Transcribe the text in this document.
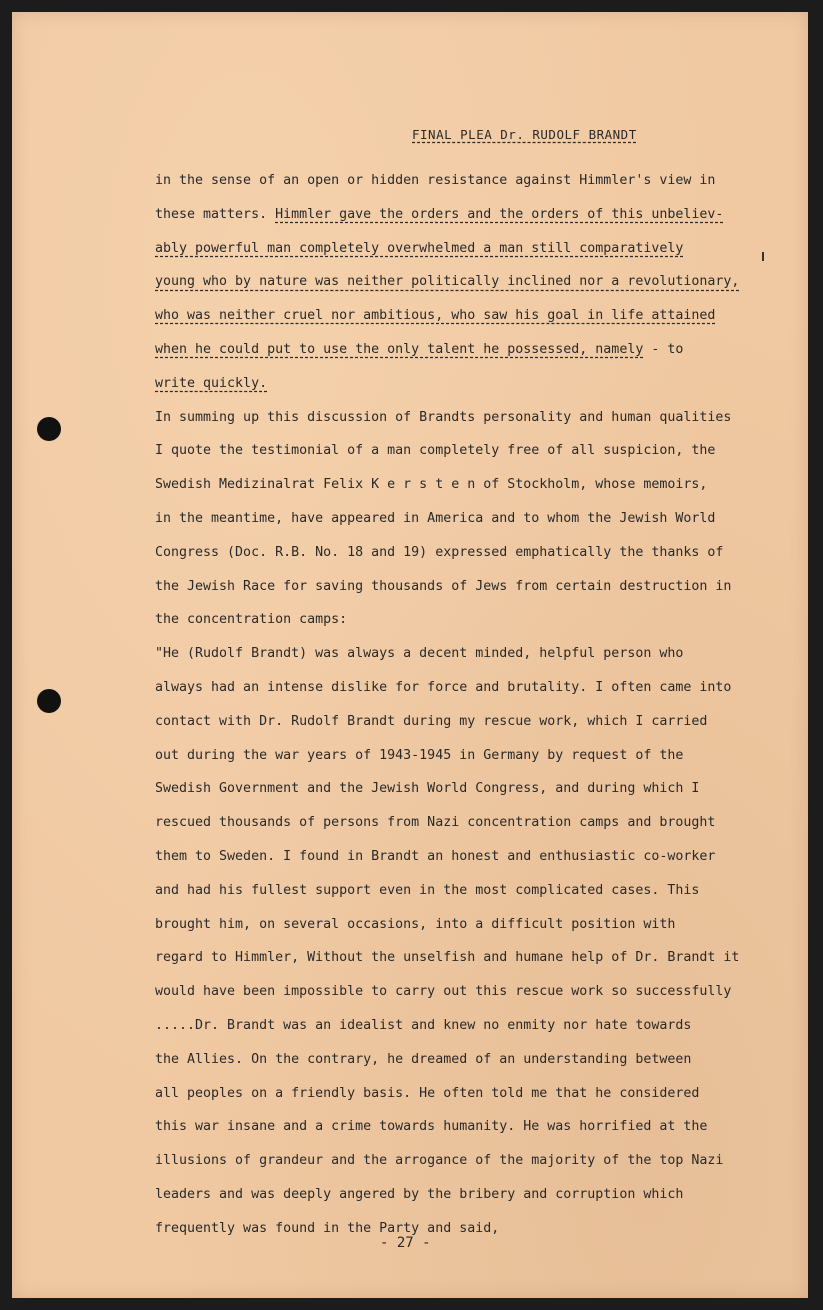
FINAL PLEA Dr. RUDOLF BRANDT
in the sense of an open or hidden resistance against Himmler's view in
these matters. Himmler gave the orders and the orders of this unbeliev-
ably powerful man completely overwhelmed a man still comparatively
young who by nature was neither politically inclined nor a revolutionary,
who was neither cruel nor ambitious, who saw his goal in life attained
when he could put to use the only talent he possessed, namely - to
write quickly.
In summing up this discussion of Brandts personality and human qualities
I quote the testimonial of a man completely free of all suspicion, the
Swedish Medizinalrat Felix K e r s t e n of Stockholm, whose memoirs,
in the meantime, have appeared in America and to whom the Jewish World
Congress (Doc. R.B. No. 18 and 19) expressed emphatically the thanks of
the Jewish Race for saving thousands of Jews from certain destruction in
the concentration camps:
"He (Rudolf Brandt) was always a decent minded, helpful person who
always had an intense dislike for force and brutality. I often came into
contact with Dr. Rudolf Brandt during my rescue work, which I carried
out during the war years of 1943-1945 in Germany by request of the
Swedish Government and the Jewish World Congress, and during which I
rescued thousands of persons from Nazi concentration camps and brought
them to Sweden. I found in Brandt an honest and enthusiastic co-worker
and had his fullest support even in the most complicated cases. This
brought him, on several occasions, into a difficult position with
regard to Himmler, Without the unselfish and humane help of Dr. Brandt it
would have been impossible to carry out this rescue work so successfully
.....Dr. Brandt was an idealist and knew no enmity nor hate towards
the Allies. On the contrary, he dreamed of an understanding between
all peoples on a friendly basis. He often told me that he considered
this war insane and a crime towards humanity. He was horrified at the
illusions of grandeur and the arrogance of the majority of the top Nazi
leaders and was deeply angered by the bribery and corruption which
frequently was found in the Party and said,
- 27 -
